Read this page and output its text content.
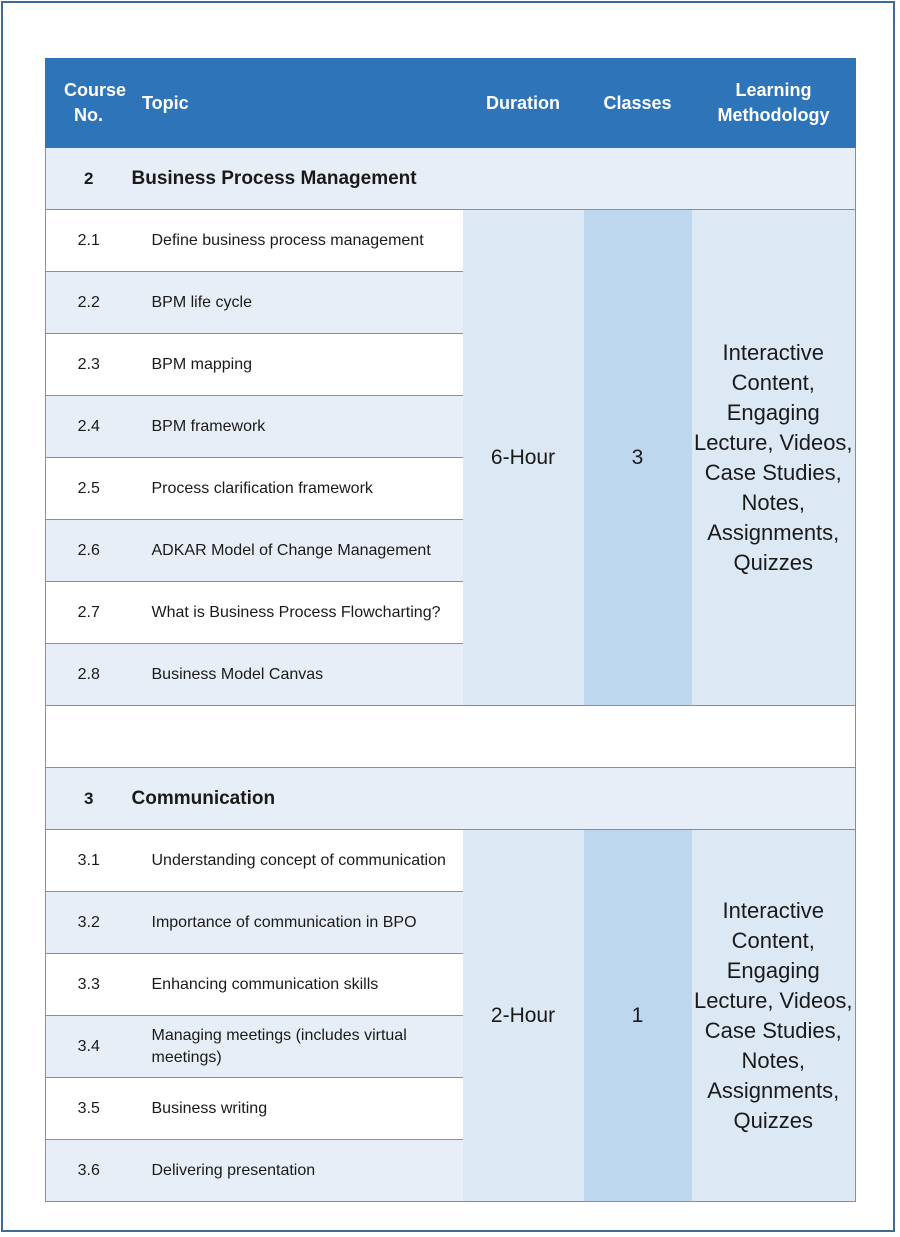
Course No.	Topic	Duration	Classes	Learning Methodology
2	Business Process Management			
2.1	Define business process management	6-Hour	3	Interactive Content, Engaging Lecture, Videos, Case Studies, Notes, Assignments, Quizzes
2.2	BPM life cycle			
2.3	BPM mapping			
2.4	BPM framework			
2.5	Process clarification framework			
2.6	ADKAR Model of Change Management			
2.7	What is Business Process Flowcharting?			
2.8	Business Model Canvas			

3	Communication			
3.1	Understanding concept of communication	2-Hour	1	Interactive Content, Engaging Lecture, Videos, Case Studies, Notes, Assignments, Quizzes
3.2	Importance of communication in BPO			
3.3	Enhancing communication skills			
3.4	Managing meetings (includes virtual meetings)			
3.5	Business writing			
3.6	Delivering presentation			
